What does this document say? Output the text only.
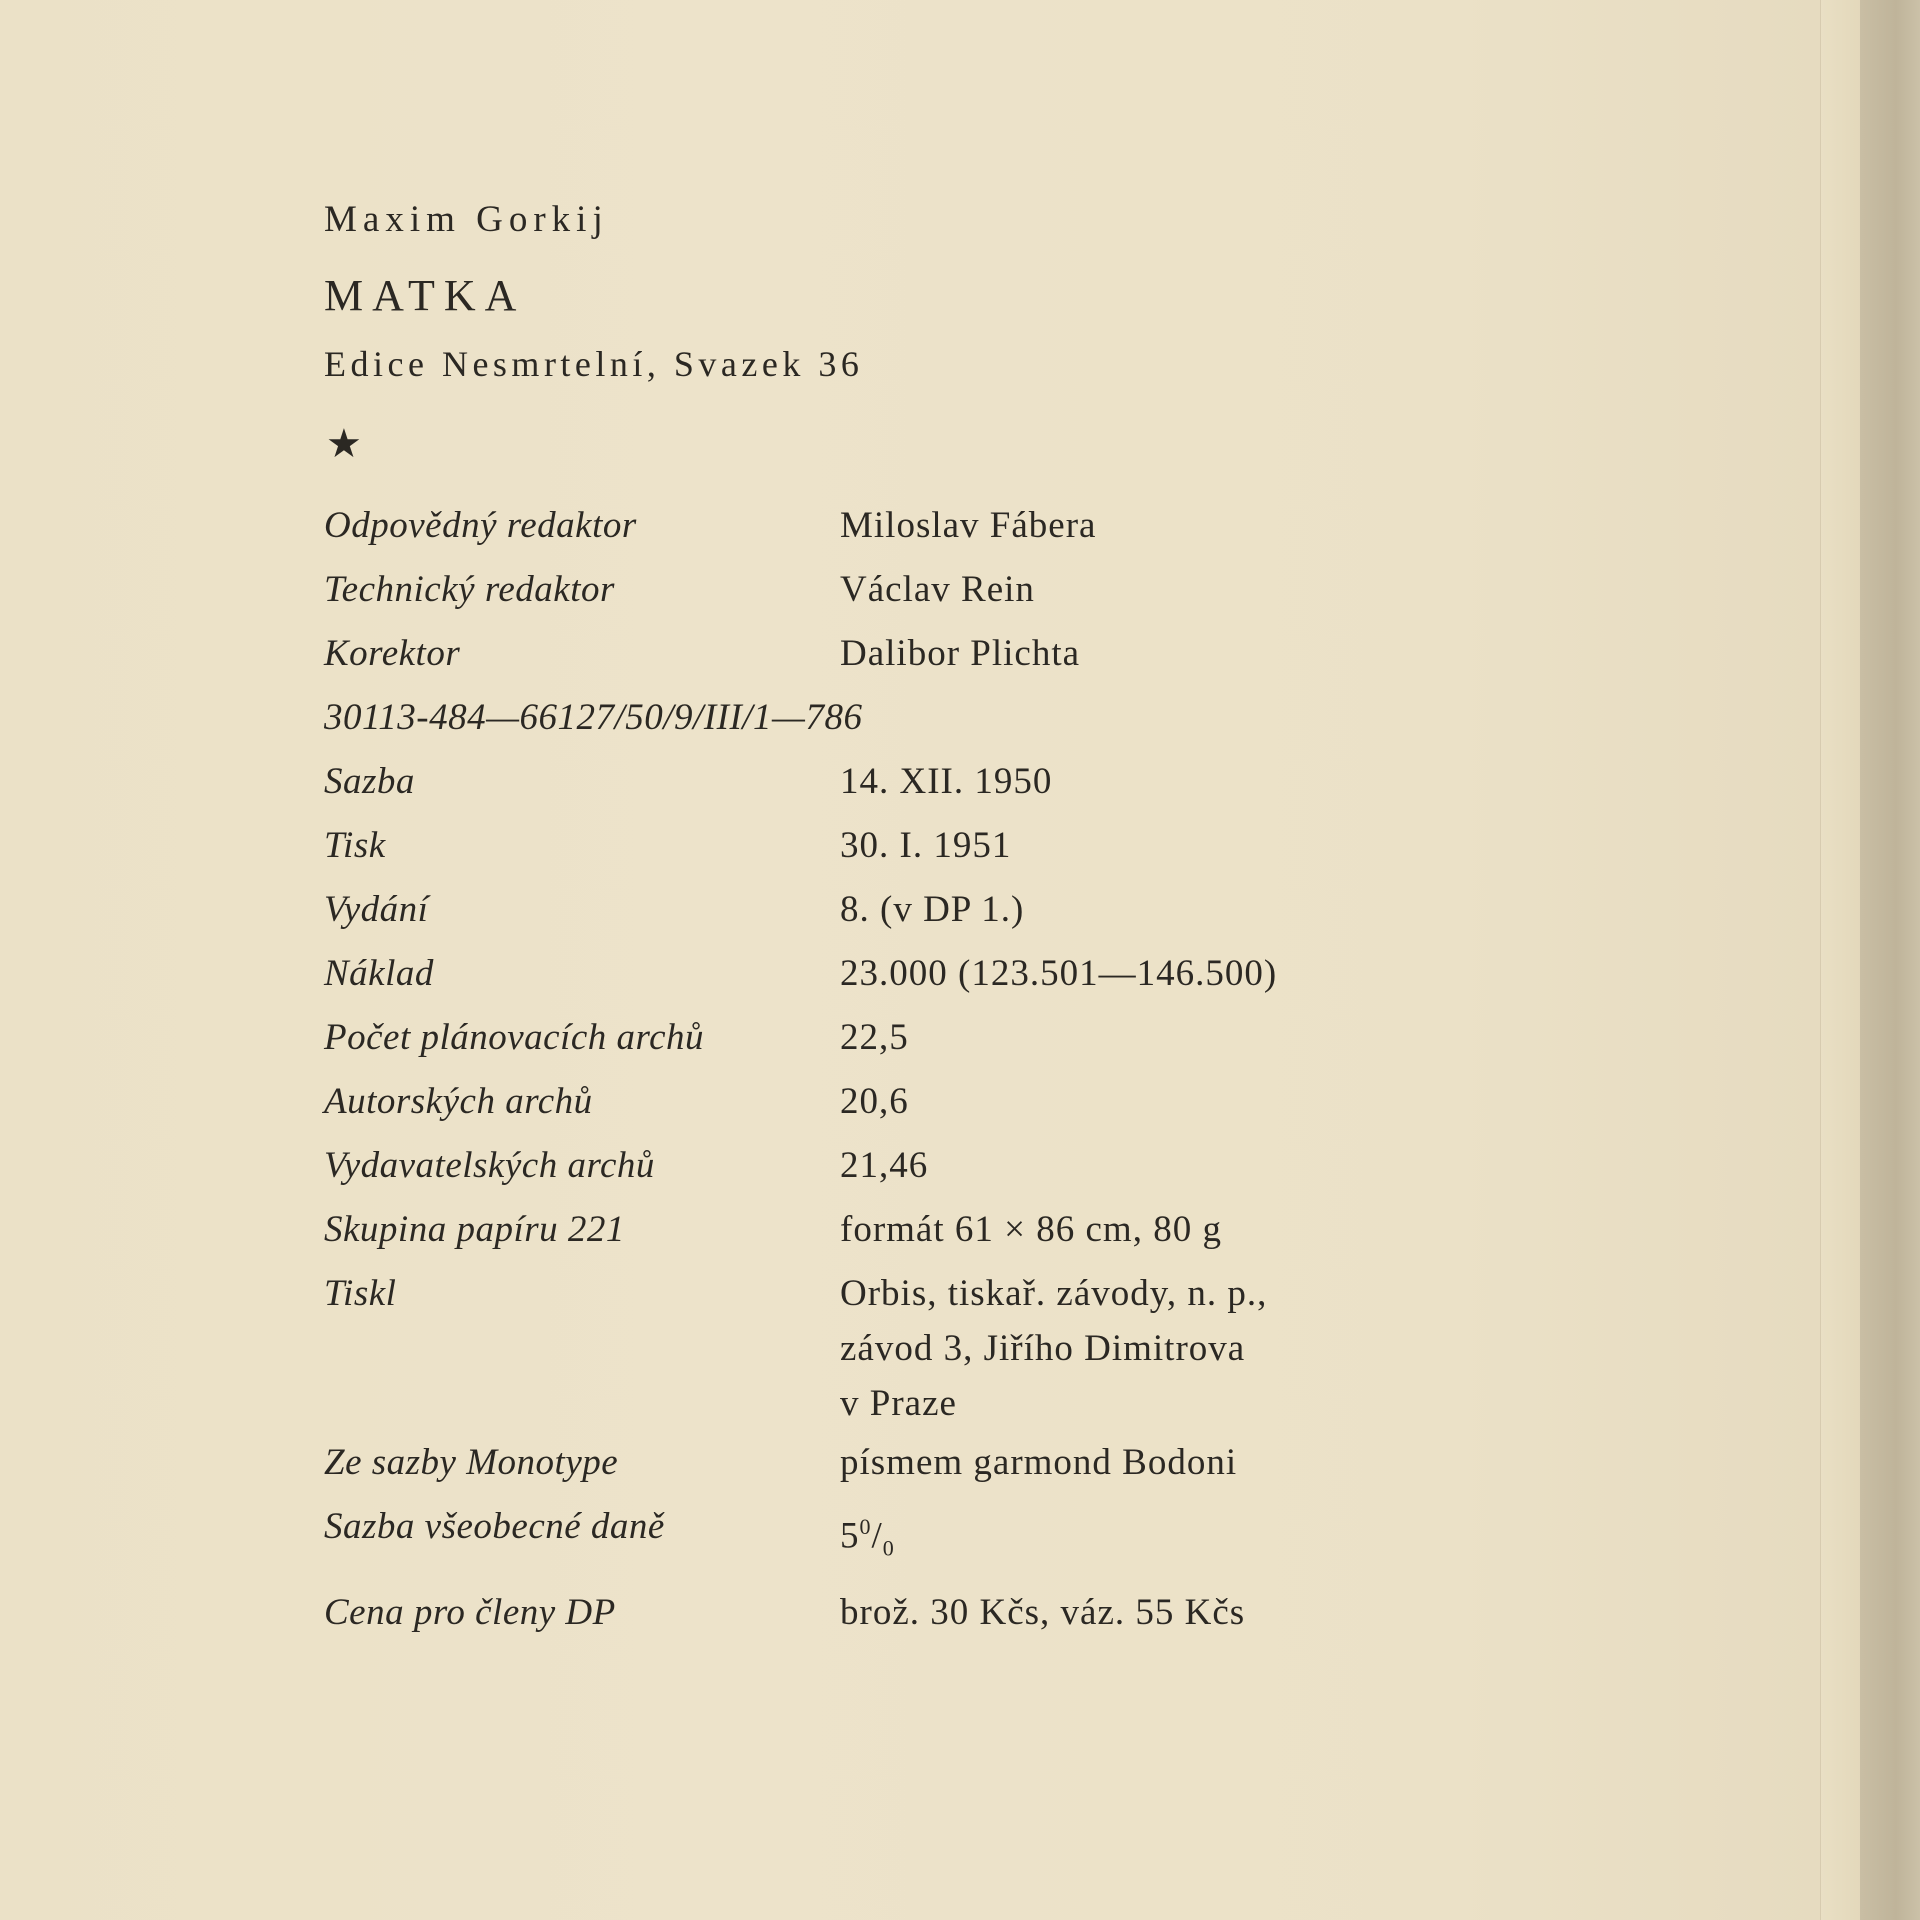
Maxim Gorkij

MATKA

Edice Nesmrtelní, Svazek 36

★

Odpovědný redaktor	Miloslav Fábera
Technický redaktor	Václav Rein
Korektor	Dalibor Plichta
30113-484—66127/50/9/III/1—786
Sazba	14. XII. 1950
Tisk	30. I. 1951
Vydání	8. (v DP 1.)
Náklad	23.000 (123.501—146.500)
Počet plánovacích archů	22,5
Autorských archů	20,6
Vydavatelských archů	21,46
Skupina papíru 221	formát 61 × 86 cm, 80 g
Tiskl	Orbis, tiskař. závody, n. p.,
závod 3, Jiřího Dimitrova
v Praze
Ze sazby Monotype	písmem garmond Bodoni
Sazba všeobecné daně	$5^0/_0$
Cena pro členy DP	brož. 30 Kčs, váz. 55 Kčs
